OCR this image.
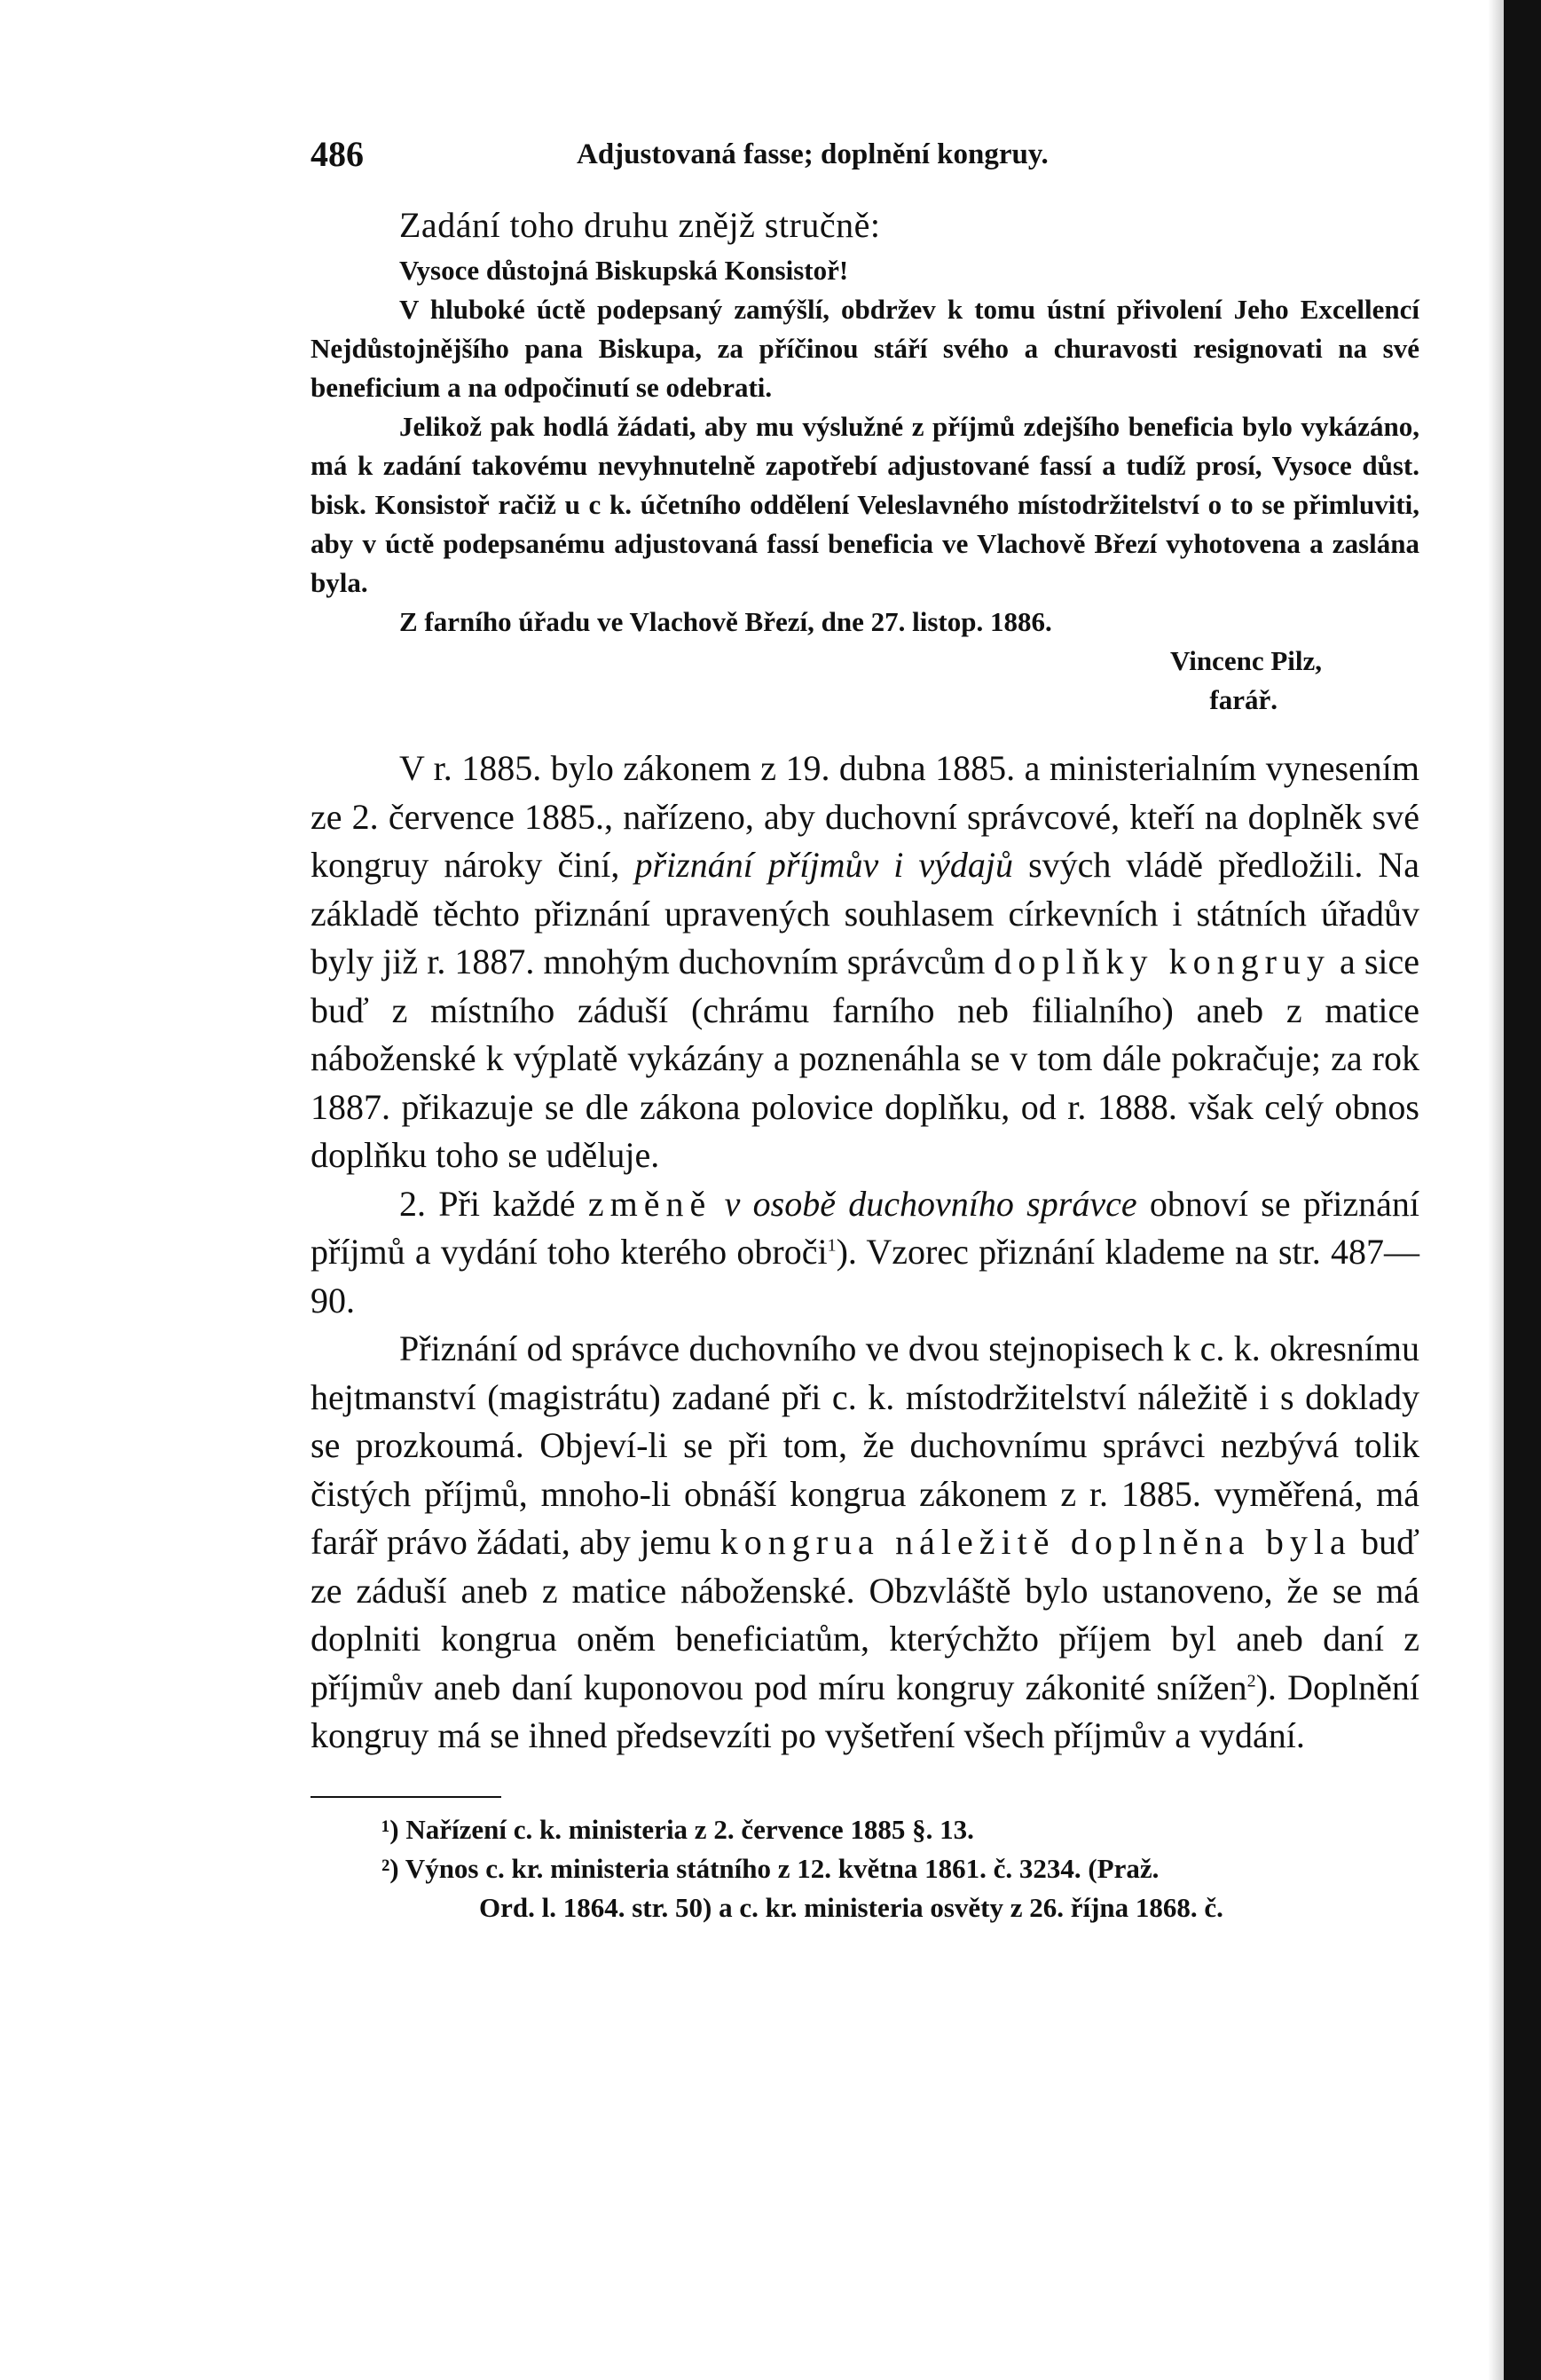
486	Adjustovaná fasse; doplnění kongruy.
Zadání toho druhu znějž stručně:
Vysoce důstojná Biskupská Konsistoř!

V hluboké úctě podepsaný zamýšlí, obdržev k tomu ústní přivolení Jeho Excellencí Nejdůstojnějšího pana Biskupa, za příčinou stáří svého a churavosti resignovati na své beneficium a na odpočinutí se odebrati.

Jelikož pak hodlá žádati, aby mu výslužné z příjmů zdejšího beneficia bylo vykázáno, má k zadání takovému nevyhnutelně zapotřebí adjustované fassí a tudíž prosí, Vysoce důst. bisk. Konsistoř račiž u c k. účetního oddělení Veleslavného místodržitelství o to se přimluviti, aby v úctě podepsanému adjustovaná fassí beneficia ve Vlachově Březí vyhotovena a zaslána byla.

Z farního úřadu ve Vlachově Březí, dne 27. listop. 1886.
Vincenc Pilz,
farář.

V r. 1885. bylo zákonem z 19. dubna 1885. a ministerialním vynesením ze 2. července 1885., nařízeno, aby duchovní správcové, kteří na doplněk své kongruy nároky činí, přiznání příjmův i výdajů svých vládě předložili. Na základě těchto přiznání upravených souhlasem církevních i státních úřadův byly již r. 1887. mnohým duchovním správcům doplňky kongruy a sice buď z místního záduší (chrámu farního neb filialního) aneb z matice náboženské k výplatě vykázány a poznenáhla se v tom dále pokračuje; za rok 1887. přikazuje se dle zákona polovice doplňku, od r. 1888. však celý obnos doplňku toho se uděluje.

2. Při každé změně v osobě duchovního správce obnoví se přiznání příjmů a vydání toho kterého obroči$^1$). Vzorec přiznání klademe na str. 487—90.

Přiznání od správce duchovního ve dvou stejnopisech k c. k. okresnímu hejtmanství (magistrátu) zadané při c. k. místodržitelství náležitě i s doklady se prozkoumá. Objeví-li se při tom, že duchovnímu správci nezbývá tolik čistých příjmů, mnoho-li obnáší kongrua zákonem z r. 1885. vyměřená, má farář právo žádati, aby jemu kongrua náležitě doplněna byla buď ze záduší aneb z matice náboženské. Obzvláště bylo ustanoveno, že se má doplniti kongrua oněm beneficiatům, kterýchžto příjem byl aneb daní z příjmův aneb daní kuponovou pod míru kongruy zákonité snížen$^2$). Doplnění kongruy má se ihned předsevzíti po vyšetření všech příjmův a vydání.

¹) Nařízení c. k. ministeria z 2. července 1885 §. 13.
²) Výnos c. kr. ministeria státního z 12. května 1861. č. 3234. (Praž.
Ord. l. 1864. str. 50) a c. kr. ministeria osvěty z 26. října 1868. č.
